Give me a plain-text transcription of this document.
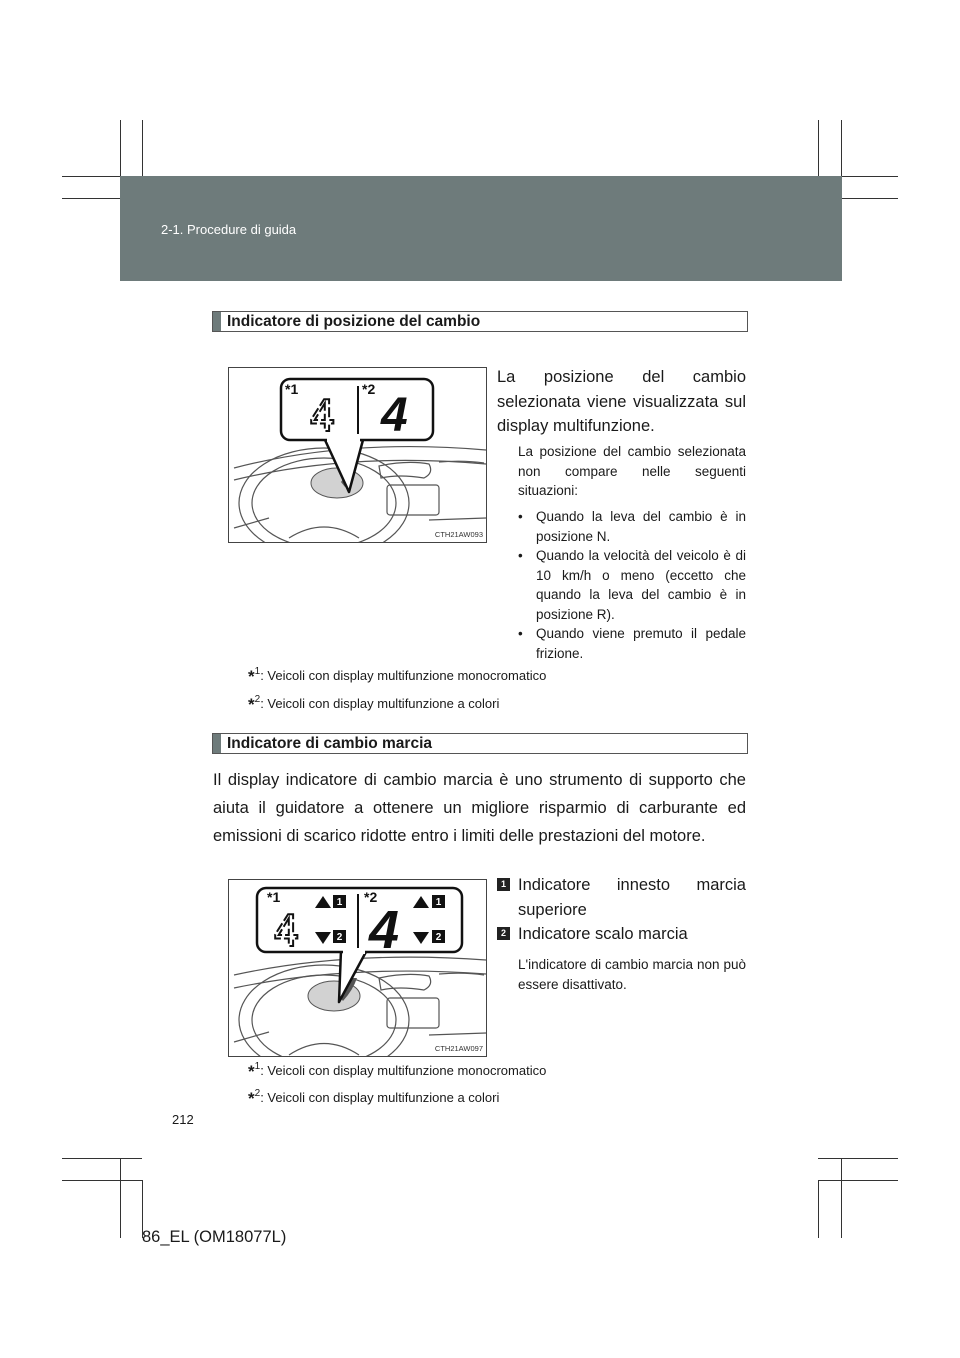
2-1. Procedure di guida
Indicatore di posizione del cambio
*1	*2
4 4
CTH21AW093
La posizione del cambio selezionata viene visualizzata sul display multifunzione.
La posizione del cambio selezionata non compare nelle seguenti situazioni:
• Quando la leva del cambio è in posizione N.
• Quando la velocità del veicolo è di 10 km/h o meno (eccetto che quando la leva del cambio è in posizione R).
• Quando viene premuto il pedale frizione.
*$^1$: Veicoli con display multifunzione monocromatico
*$^2$: Veicoli con display multifunzione a colori
Indicatore di cambio marcia
Il display indicatore di cambio marcia è uno strumento di supporto che aiuta il guidatore a ottenere un migliore risparmio di carburante ed emissioni di scarico ridotte entro i limiti delle prestazioni del motore.
*1	*2
4
1
2 4	1
2
CTH21AW097
1 Indicatore innesto marcia superiore
2 Indicatore scalo marcia
L'indicatore di cambio marcia non può essere disattivato.
*$^1$: Veicoli con display multifunzione monocromatico
*$^2$: Veicoli con display multifunzione a colori
212
86_EL (OM18077L)
